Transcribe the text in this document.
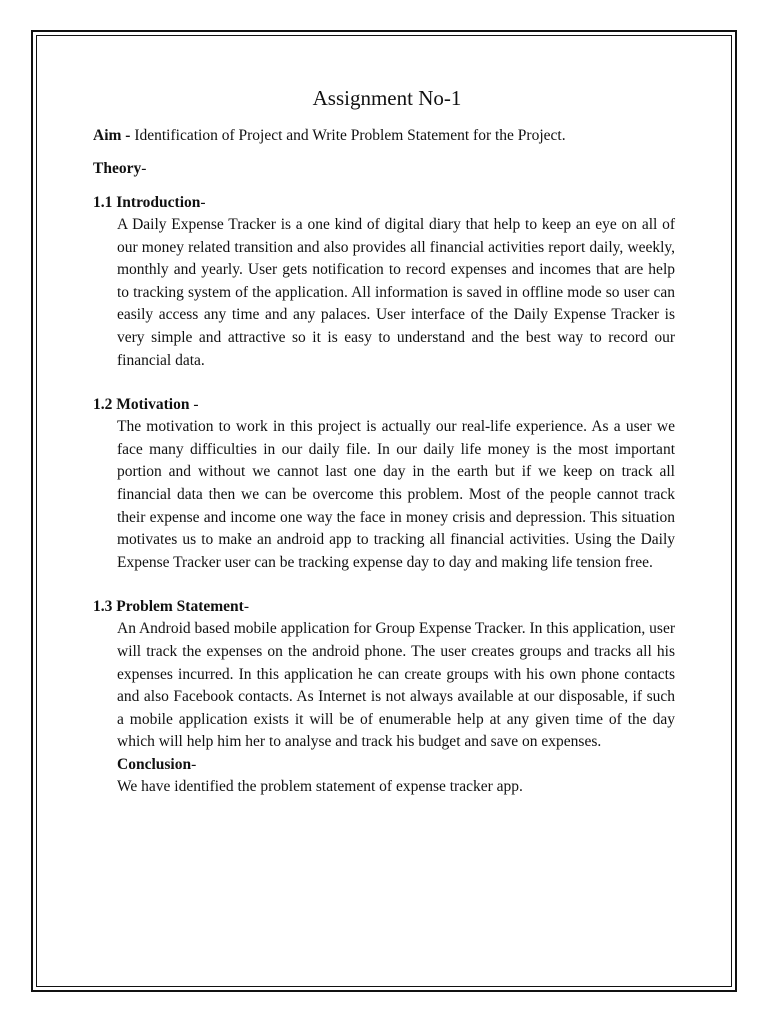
Assignment No-1

Aim - Identification of Project and Write Problem Statement for the Project.

Theory-

1.1 Introduction-

A Daily Expense Tracker is a one kind of digital diary that help to keep an eye on all of our money related transition and also provides all financial activities report daily, weekly, monthly and yearly. User gets notification to record expenses and incomes that are help to tracking system of the application. All information is saved in offline mode so user can easily access any time and any palaces. User interface of the Daily Expense Tracker is very simple and attractive so it is easy to understand and the best way to record our financial data.

1.2 Motivation -

The motivation to work in this project is actually our real-life experience. As a user we face many difficulties in our daily file. In our daily life money is the most important portion and without we cannot last one day in the earth but if we keep on track all financial data then we can be overcome this problem. Most of the people cannot track their expense and income one way the face in money crisis and depression. This situation motivates us to make an android app to tracking all financial activities. Using the Daily Expense Tracker user can be tracking expense day to day and making life tension free.

1.3 Problem Statement-

An Android based mobile application for Group Expense Tracker. In this application, user will track the expenses on the android phone. The user creates groups and tracks all his expenses incurred. In this application he can create groups with his own phone contacts and also Facebook contacts. As Internet is not always available at our disposable, if such a mobile application exists it will be of enumerable help at any given time of the day which will help him her to analyse and track his budget and save on expenses.

Conclusion-

We have identified the problem statement of expense tracker app.
